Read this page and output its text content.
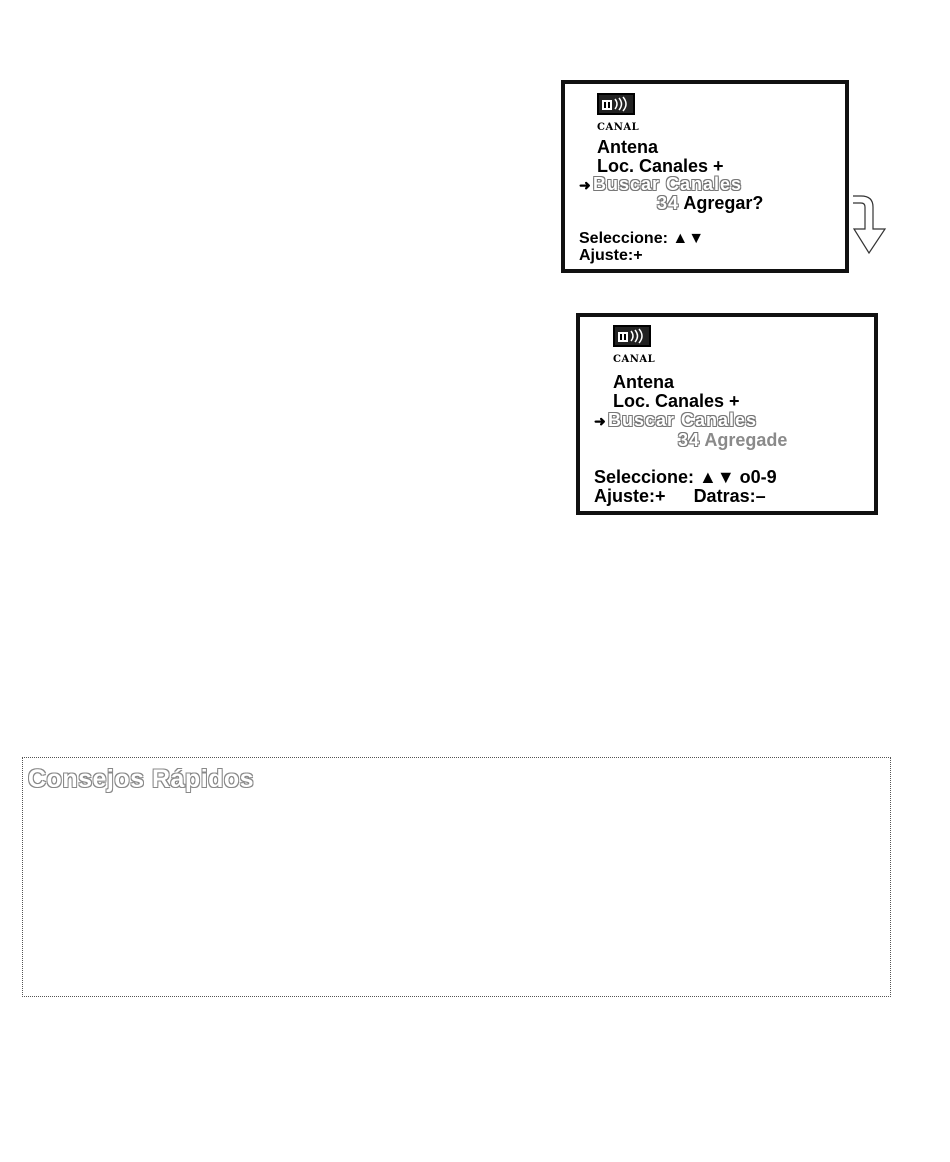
CANAL
Antena
Loc. Canales +
➜ Buscar Canales
34 Agregar?
Seleccione: ▲▼
Ajuste:+
CANAL
Antena
Loc. Canales +
➜ Buscar Canales
34 Agregade
Seleccione: ▲▼ o0-9
Ajuste:+ Datras:–
Consejos Rápidos
